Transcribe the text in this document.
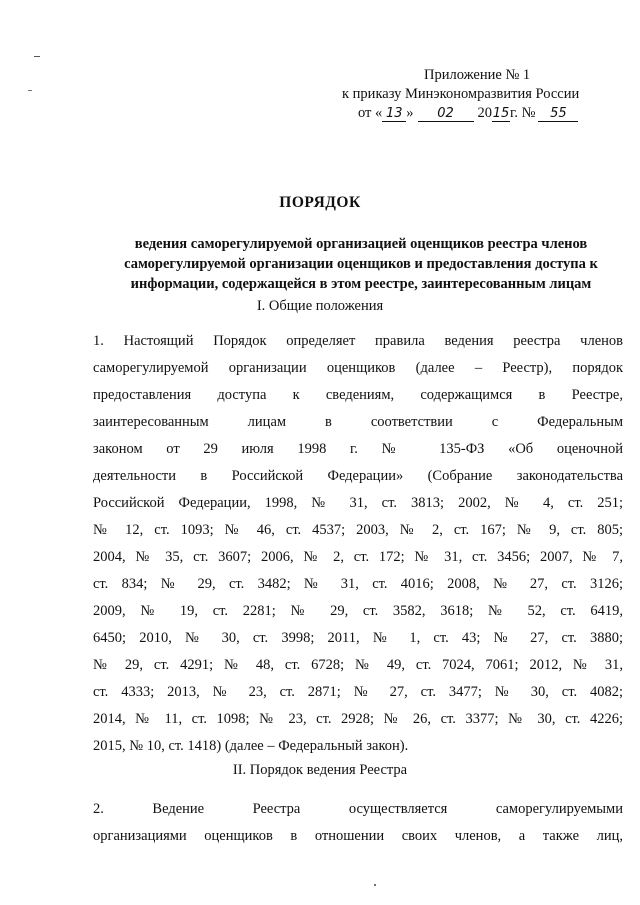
Приложение № 1
к приказу Минэкономразвития России
от « 13 » 02 2015г. № 55
ПОРЯДОК
ведения саморегулируемой организацией оценщиков реестра членов саморегулируемой организации оценщиков и предоставления доступа к информации, содержащейся в этом реестре, заинтересованным лицам
I. Общие положения
1. Настоящий Порядок определяет правила ведения реестра членов
саморегулируемой организации оценщиков (далее – Реестр), порядок
предоставления доступа к сведениям, содержащимся в Реестре,
заинтересованным лицам в соответствии с Федеральным
законом от 29 июля 1998 г. № 135-ФЗ «Об оценочной
деятельности в Российской Федерации» (Собрание законодательства
Российской Федерации, 1998, № 31, ст. 3813; 2002, № 4, ст. 251;
№ 12, ст. 1093; № 46, ст. 4537; 2003, № 2, ст. 167; № 9, ст. 805;
2004, № 35, ст. 3607; 2006, № 2, ст. 172; № 31, ст. 3456; 2007, № 7,
ст. 834; № 29, ст. 3482; № 31, ст. 4016; 2008, № 27, ст. 3126;
2009, № 19, ст. 2281; № 29, ст. 3582, 3618; № 52, ст. 6419,
6450; 2010, № 30, ст. 3998; 2011, № 1, ст. 43; № 27, ст. 3880;
№ 29, ст. 4291; № 48, ст. 6728; № 49, ст. 7024, 7061; 2012, № 31,
ст. 4333; 2013, № 23, ст. 2871; № 27, ст. 3477; № 30, ст. 4082;
2014, № 11, ст. 1098; № 23, ст. 2928; № 26, ст. 3377; № 30, ст. 4226;
2015, № 10, ст. 1418) (далее – Федеральный закон).
II. Порядок ведения Реестра
2. Ведение Реестра осуществляется саморегулируемыми
организациями оценщиков в отношении своих членов, а также лиц,
